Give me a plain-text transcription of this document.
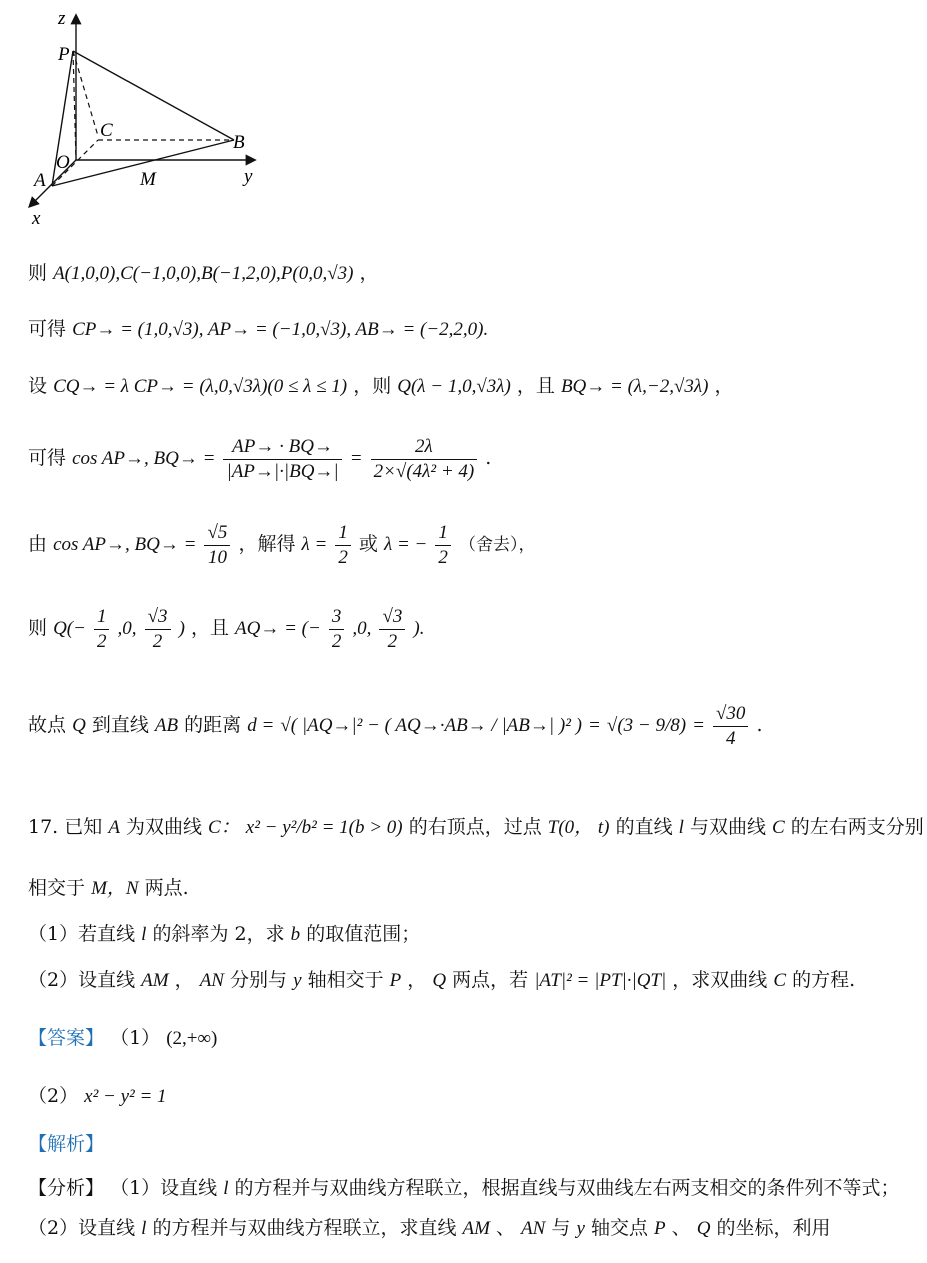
z
P
C
B
O
A	M	y
x
则 A(1,0,0),C(−1,0,0),B(−1,2,0),P(0,0,√3) ，
可得 CP→ = (1,0,√3), AP→ = (−1,0,√3), AB→ = (−2,2,0).
设 CQ→ = λ CP→ = (λ,0,√3λ)(0 ≤ λ ≤ 1) ，则 Q(λ − 1,0,√3λ) ，且 BQ→ = (λ,−2,√3λ) ，
可得 cos AP→, $BQ\to = \frac{AP\to \cdot BQ\to}{|AP\to|\cdot|BQ\to|} = \frac{2\lambda}{\text{2×√(4λ² + 4)}}$ .
由 cos AP→, $BQ\to = \frac{√5}{10}$ ，解得 $\lambda = \frac{1}{2}$ 或 λ = − $\frac{1}{2}$ （舍去），
则 $Q(- \frac{1}{2} ,0$, $\frac{√3}{2}$ ) ，且 AQ→ = (− $\frac{3}{2} ,0$, $\frac{√3}{2}$ ).
故点 Q 到直线 AB 的距离 d = √( |AQ→|² − ( AQ→·AB→ / |AB→| )² ) = $√(3 - 9/8) = \frac{√30}{4}$ .
17. 已知 A 为双曲线 C： x² − y²/b² = 1(b > 0) 的右顶点，过点 T(0， t) 的直线 l 与双曲线 C 的左右两支分别
相交于 M，N 两点.
（1）若直线 l 的斜率为 2，求 b 的取值范围；
（2）设直线 AM ， AN 分别与 y 轴相交于 P ， Q 两点，若 |AT|² = |PT|·|QT| ，求双曲线 C 的方程.
【答案】 （1） (2,+∞)
（2） x² − y² = 1
【解析】
【分析】 （1）设直线 l 的方程并与双曲线方程联立，根据直线与双曲线左右两支相交的条件列不等式；
（2）设直线 l 的方程并与双曲线方程联立，求直线 AM 、 AN 与 y 轴交点 P 、 Q 的坐标，利用
